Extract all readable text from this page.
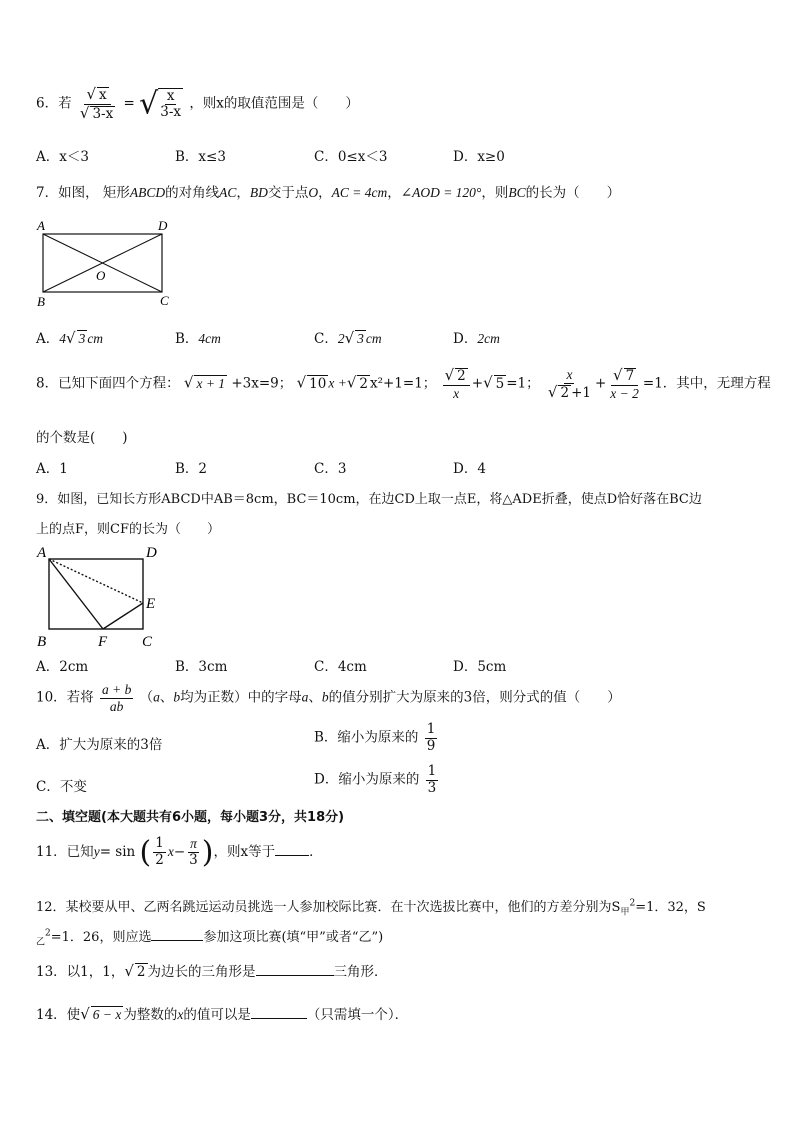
6．若 $\frac{√ x}{√ 3-x}$ = √ $\frac{x}{3-x}$ ，则x的取值范围是（　　）
A．x＜3	B．x≤3	C．0≤x＜3	D．x≥0
7．如图， 矩形ABCD的对角线AC，BD交于点O，AC = 4cm，∠AOD = 120°，则BC的长为（　　）
A	D
B	C
O
A．4√ 3 cm	B．4cm	C．2√ 3 cm	D．2cm
8．已知下面四个方程： √ x + 1 +3x=9； √ 10 x +√ 2 x²+1=1； $\frac{√ 2}{x}$ +√ 5 =1； $\frac{x}{√ 2 +1} + \frac{√ 7}{x - 2} =1$．其中，无理方程
的个数是(　　)
A．1	B．2	C．3	D．4
9．如图，已知长方形ABCD中AB＝8cm，BC＝10cm，在边CD上取一点E，将△ADE折叠，使点D恰好落在BC边
上的点F，则CF的长为（　　）
A	D
E
B	F C
A．2cm	B．3cm	C．4cm	D．5cm
10．若将 $\frac{a + b}{ab} (a$、b均为正数）中的字母a、b的值分别扩大为原来的3倍，则分式的值（　　）
A．扩大为原来的3倍	B．缩小为原来的 $\frac{1}{9}$
C．不变	D．缩小为原来的 $\frac{1}{3}$
二、填空题(本大题共有6小题，每小题3分，共18分)
11．已知y= sin ( $\frac{1}{2} x- \frac{\pi}{3}$ )，则x等于	．
12．某校要从甲、乙两名跳远运动员挑选一人参加校际比赛．在十次选拔比赛中，他们的方差分别为$S_甲^2=1$．32，S
$_乙^2$=1．26，则应选	参加这项比赛(填“甲”或者“乙”)
13．以1，1，√ 2 为边长的三角形是	三角形．
14．使√ 6 − x 为整数的x的值可以是	（只需填一个）．
